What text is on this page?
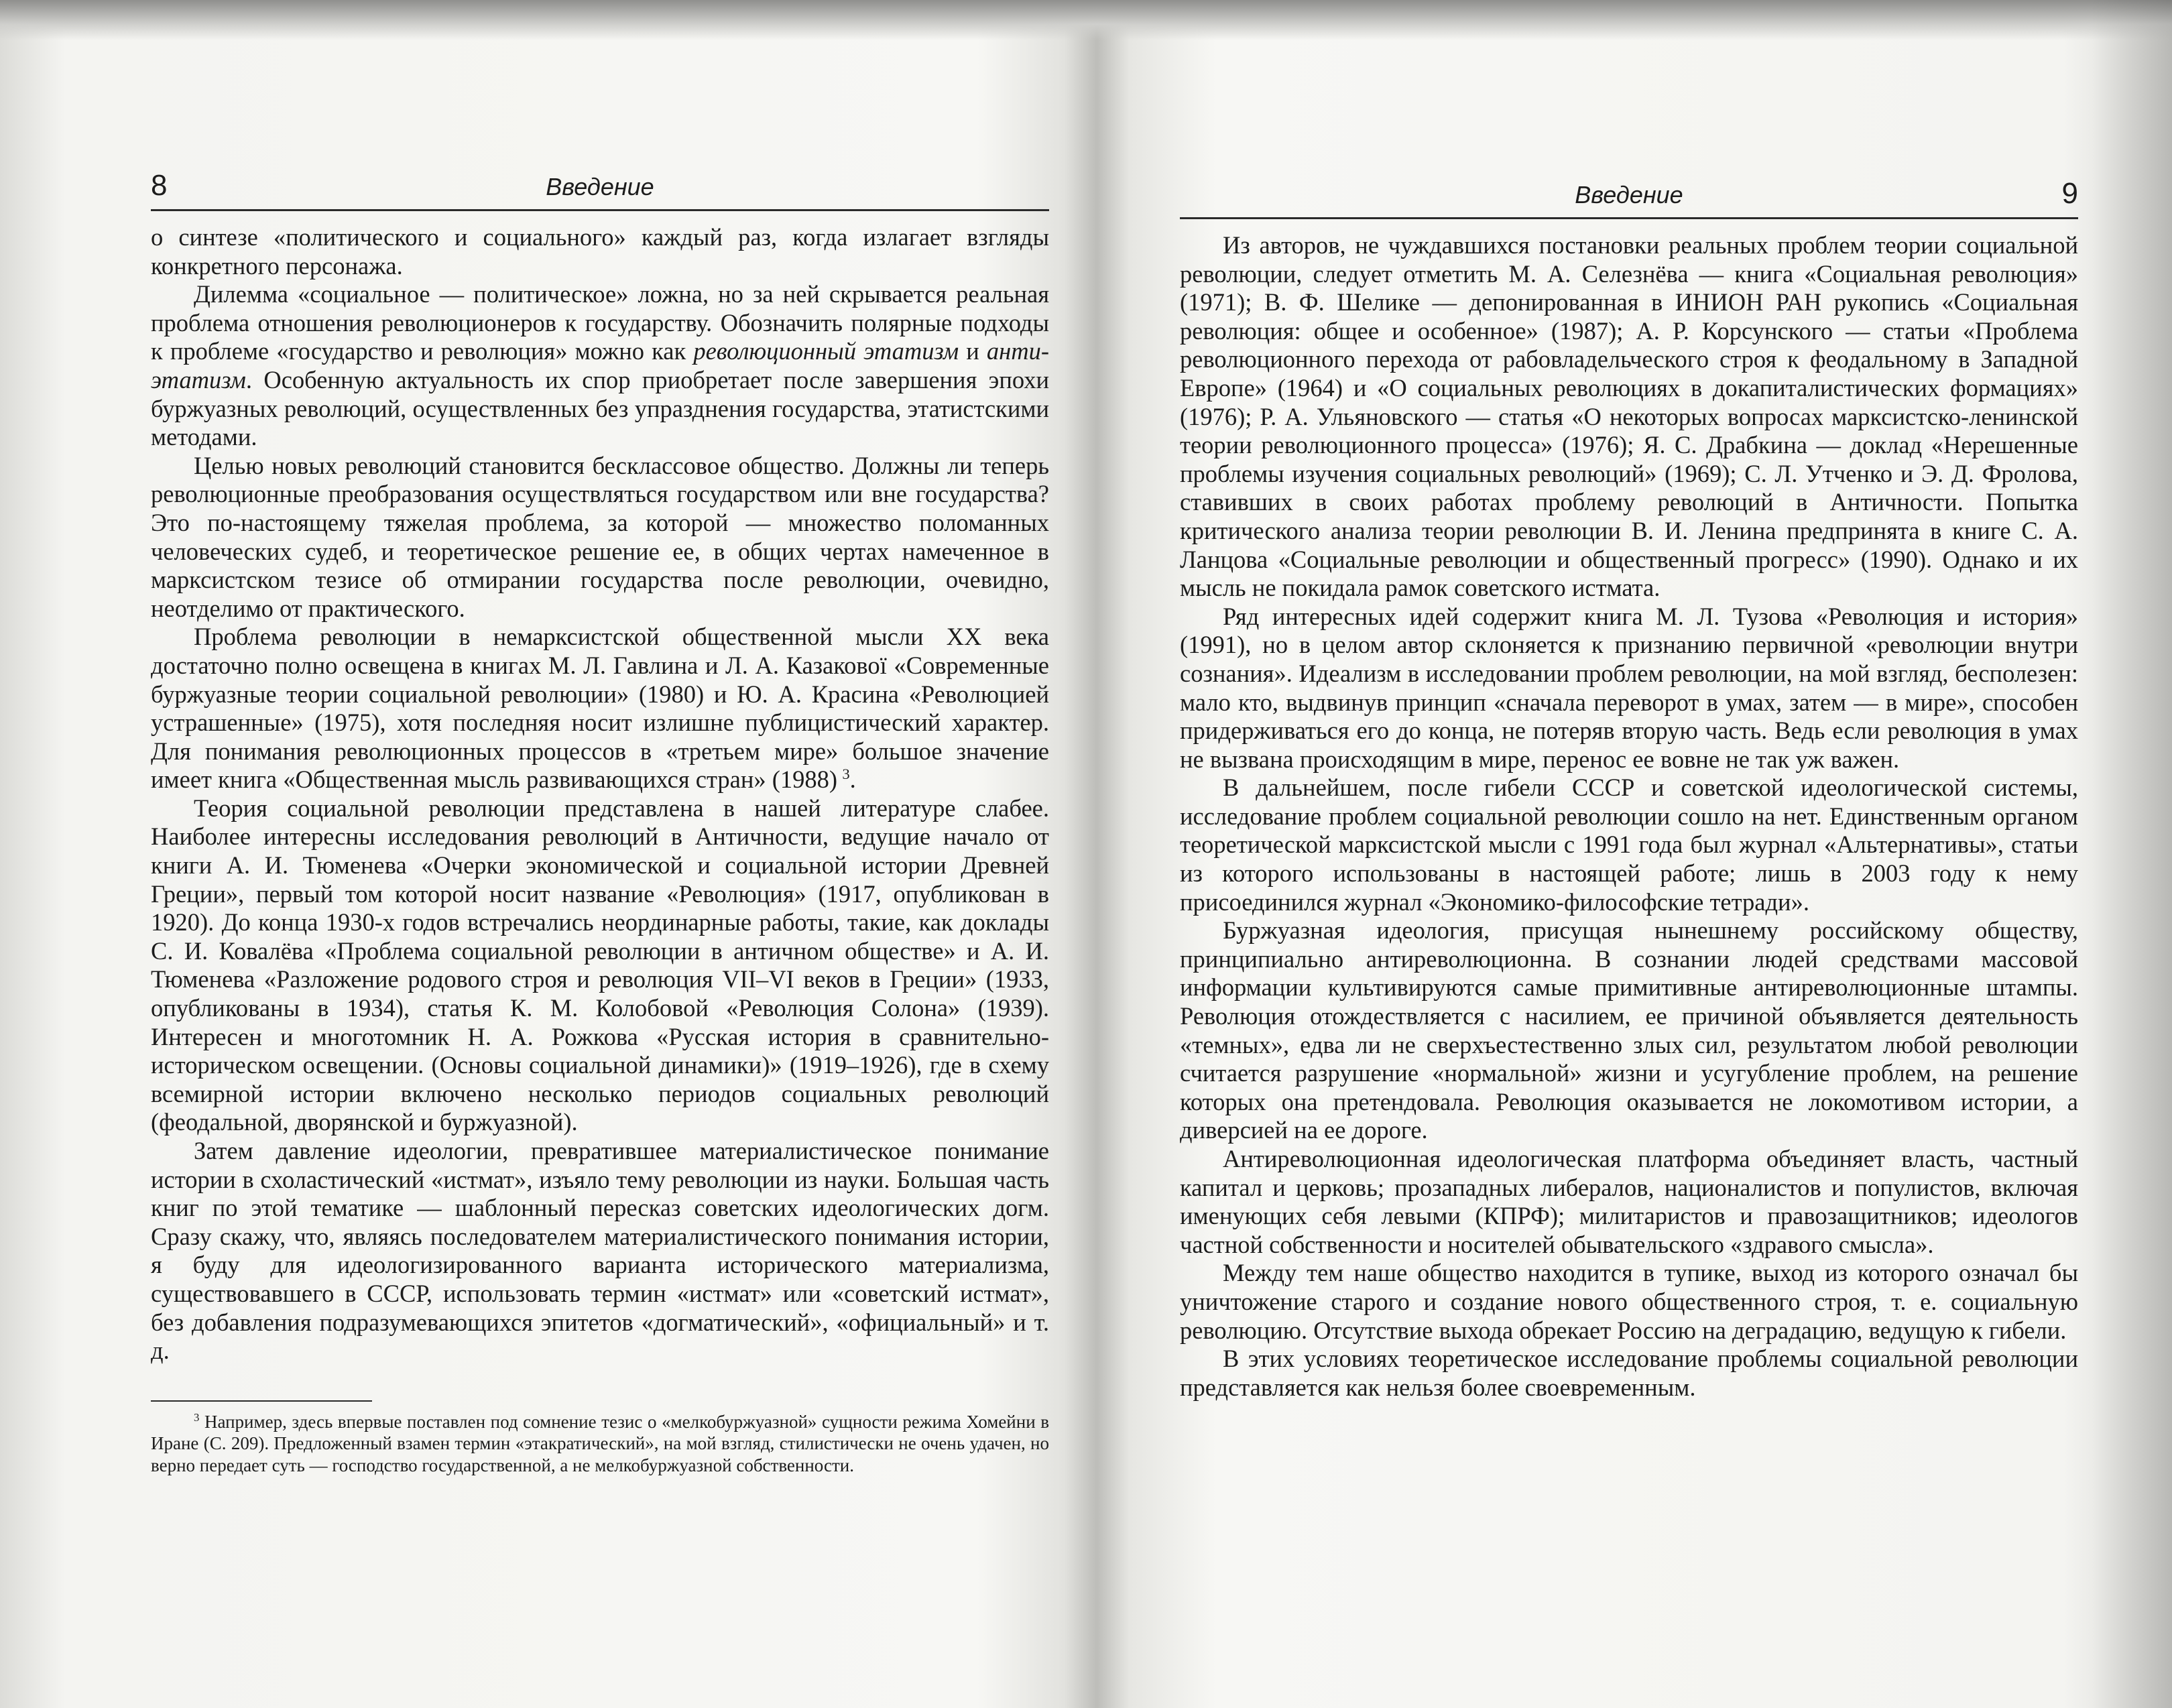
8	Введение

о синтезе «политического и социального» каждый раз, когда излагает взгляды конкретного персонажа.

Дилемма «социальное — политическое» ложна, но за ней скрывается реальная проблема отношения революционеров к государству. Обозначить полярные подходы к проблеме «государство и революция» можно как революционный этатизм и анти-этатизм. Особенную актуальность их спор приобретает после завершения эпохи буржуазных революций, осуществленных без упразднения государства, этатистскими методами.

Целью новых революций становится бесклассовое общество. Должны ли теперь революционные преобразования осуществляться государством или вне государства? Это по-настоящему тяжелая проблема, за которой — множество поломанных человеческих судеб, и теоретическое решение ее, в общих чертах намеченное в марксистском тезисе об отмирании государства после революции, очевидно, неотделимо от практического.

Проблема революции в немарксистской общественной мысли XX века достаточно полно освещена в книгах М. Л. Гавлина и Л. А. Казакової «Современные буржуазные теории социальной революции» (1980) и Ю. А. Красина «Революцией устрашенные» (1975), хотя последняя носит излишне публицистический характер. Для понимания революционных процессов в «третьем мире» большое значение имеет книга «Общественная мысль развивающихся стран» (1988)  $^3$.

Теория социальной революции представлена в нашей литературе слабее. Наиболее интересны исследования революций в Античности, ведущие начало от книги А. И. Тюменева «Очерки экономической и социальной истории Древней Греции», первый том которой носит название «Революция» (1917, опубликован в 1920). До конца 1930-х годов встречались неординарные работы, такие, как доклады С. И. Ковалёва «Проблема социальной революции в античном обществе» и А. И. Тюменева «Разложение родового строя и революция VII–VI веков в Греции» (1933, опубликованы в 1934), статья К. М. Колобовой «Революция Солона» (1939). Интересен и многотомник Н. А. Рожкова «Русская история в сравнительно-историческом освещении. (Основы социальной динамики)» (1919–1926), где в схему всемирной истории включено несколько периодов социальных революций (феодальной, дворянской и буржуазной).

Затем давление идеологии, превратившее материалистическое понимание истории в схоластический «истмат», изъяло тему революции из науки. Большая часть книг по этой тематике — шаблонный пересказ советских идеологических догм. Сразу скажу, что, являясь последователем материалистического понимания истории, я буду для идеологизированного варианта исторического материализма, существовавшего в СССР, использовать термин «истмат» или «советский истмат», без добавления подразумевающихся эпитетов «догматический», «официальный» и т. д.

$^3$ Например, здесь впервые поставлен под сомнение тезис о «мелкобуржуазной» сущности режима Хомейни в Иране (С. 209). Предложенный взамен термин «этакратический», на мой взгляд, стилистически не очень удачен, но верно передает суть — господство государственной, а не мелкобуржуазной собственности.

Введение	9

Из авторов, не чуждавшихся постановки реальных проблем теории социальной революции, следует отметить М. А. Селезнёва — книга «Социальная революция» (1971); В. Ф. Шелике — депонированная в ИНИОН РАН рукопись «Социальная революция: общее и особенное» (1987); А. Р. Корсунского — статьи «Проблема революционного перехода от рабовладельческого строя к феодальному в Западной Европе» (1964) и «О социальных революциях в докапиталистических формациях» (1976); Р. А. Ульяновского — статья «О некоторых вопросах марксистско-ленинской теории революционного процесса» (1976); Я. С. Драбкина — доклад «Нерешенные проблемы изучения социальных революций» (1969); С. Л. Утченко и Э. Д. Фролова, ставивших в своих работах проблему революций в Античности. Попытка критического анализа теории революции В. И. Ленина предпринята в книге С. А. Ланцова «Социальные революции и общественный прогресс» (1990). Однако и их мысль не покидала рамок советского истмата.

Ряд интересных идей содержит книга М. Л. Тузова «Революция и история» (1991), но в целом автор склоняется к признанию первичной «революции внутри сознания». Идеализм в исследовании проблем революции, на мой взгляд, бесполезен: мало кто, выдвинув принцип «сначала переворот в умах, затем — в мире», способен придерживаться его до конца, не потеряв вторую часть. Ведь если революция в умах не вызвана происходящим в мире, перенос ее вовне не так уж важен.

В дальнейшем, после гибели СССР и советской идеологической системы, исследование проблем социальной революции сошло на нет. Единственным органом теоретической марксистской мысли с 1991 года был журнал «Альтернативы», статьи из которого использованы в настоящей работе; лишь в 2003 году к нему присоединился журнал «Экономико-философские тетради».

Буржуазная идеология, присущая нынешнему российскому обществу, принципиально антиреволюционна. В сознании людей средствами массовой информации культивируются самые примитивные антиреволюционные штампы. Революция отождествляется с насилием, ее причиной объявляется деятельность «темных», едва ли не сверхъестественно злых сил, результатом любой революции считается разрушение «нормальной» жизни и усугубление проблем, на решение которых она претендовала. Революция оказывается не локомотивом истории, а диверсией на ее дороге.

Антиреволюционная идеологическая платформа объединяет власть, частный капитал и церковь; прозападных либералов, националистов и популистов, включая именующих себя левыми (КПРФ); милитаристов и правозащитников; идеологов частной собственности и носителей обывательского «здравого смысла».

Между тем наше общество находится в тупике, выход из которого означал бы уничтожение старого и создание нового общественного строя, т. е. социальную революцию. Отсутствие выхода обрекает Россию на деградацию, ведущую к гибели.

В этих условиях теоретическое исследование проблемы социальной революции представляется как нельзя более своевременным.
